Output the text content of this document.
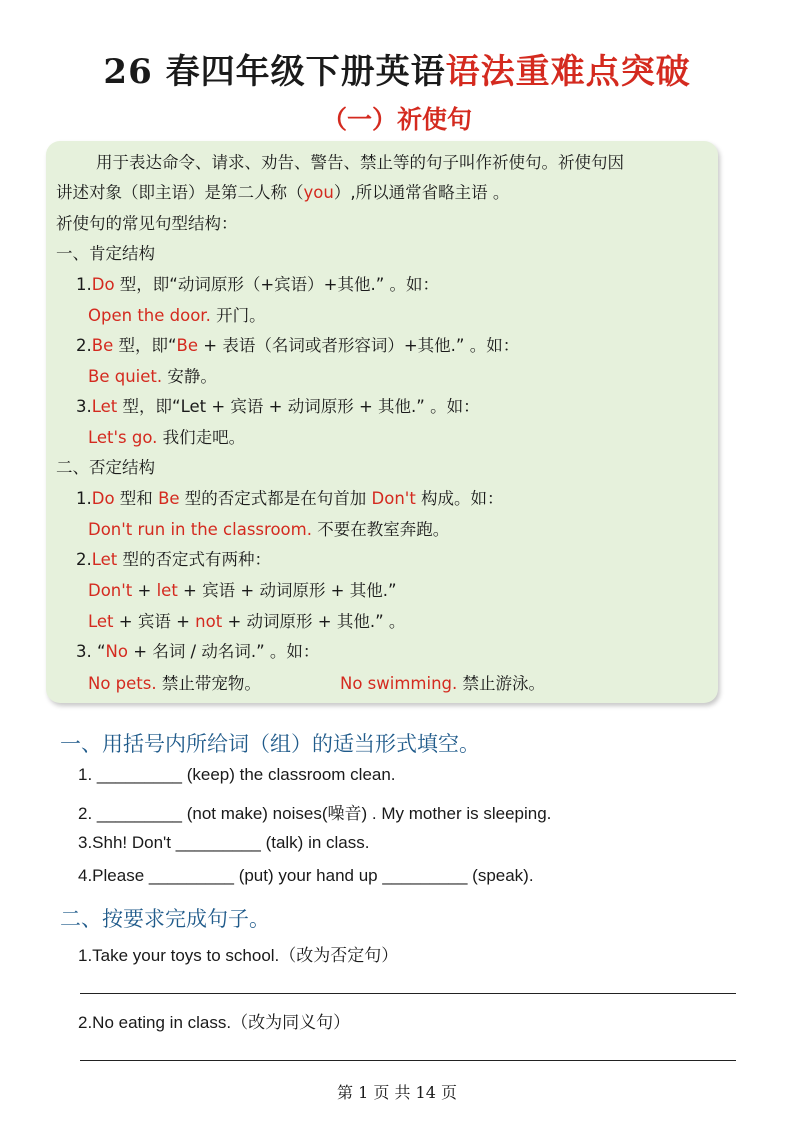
26 春四年级下册英语语法重难点突破
（一）祈使句
用于表达命令、请求、劝告、警告、禁止等的句子叫作祈使句。祈使句因
讲述对象（即主语）是第二人称（you）,所以通常省略主语 。
祈使句的常见句型结构：
一、肯定结构
1.Do 型，即“动词原形（+宾语）+其他.” 。如：
Open the door. 开门。
2.Be 型，即“Be + 表语（名词或者形容词）+其他.” 。如：
Be quiet. 安静。
3.Let 型，即“Let + 宾语 + 动词原形 + 其他.” 。如：
Let's go. 我们走吧。
二、否定结构
1.Do 型和 Be 型的否定式都是在句首加 Don't 构成。如：
Don't run in the classroom. 不要在教室奔跑。
2.Let 型的否定式有两种：
Don't + let + 宾语 + 动词原形 + 其他.”
Let + 宾语 + not + 动词原形 + 其他.” 。
3. “No + 名词 / 动名词.” 。如：
No pets. 禁止带宠物。	No swimming. 禁止游泳。
一、用括号内所给词（组）的适当形式填空。
1. _________ (keep) the classroom clean.
2. _________ (not make) noises(噪音) . My mother is sleeping.
3.Shh! Don't _________ (talk) in class.
4.Please _________ (put) your hand up _________ (speak).
二、按要求完成句子。
1.Take your toys to school.（改为否定句）
2.No eating in class.（改为同义句）
第 1 页 共 14 页
